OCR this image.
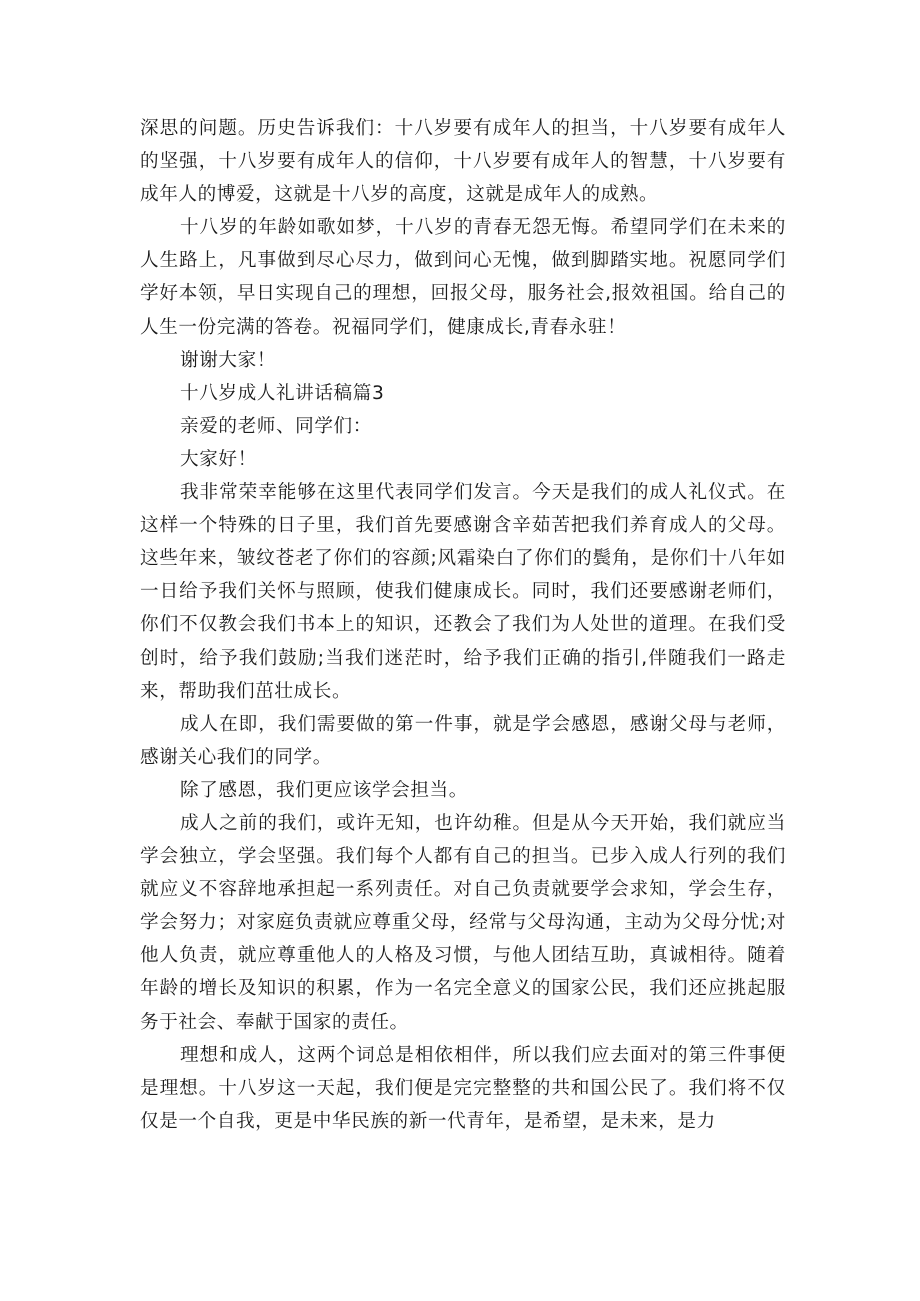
深思的问题。历史告诉我们：十八岁要有成年人的担当，十八岁要有成年人的坚强，十八岁要有成年人的信仰，十八岁要有成年人的智慧，十八岁要有成年人的博爱，这就是十八岁的高度，这就是成年人的成熟。

十八岁的年龄如歌如梦，十八岁的青春无怨无悔。希望同学们在未来的人生路上，凡事做到尽心尽力，做到问心无愧，做到脚踏实地。祝愿同学们学好本领，早日实现自己的理想，回报父母，服务社会,报效祖国。给自己的人生一份完满的答卷。祝福同学们，健康成长,青春永驻！

谢谢大家！

十八岁成人礼讲话稿篇3

亲爱的老师、同学们：

大家好！

我非常荣幸能够在这里代表同学们发言。今天是我们的成人礼仪式。在这样一个特殊的日子里，我们首先要感谢含辛茹苦把我们养育成人的父母。这些年来，皱纹苍老了你们的容颜;风霜染白了你们的鬓角，是你们十八年如一日给予我们关怀与照顾，使我们健康成长。同时，我们还要感谢老师们，你们不仅教会我们书本上的知识，还教会了我们为人处世的道理。在我们受创时，给予我们鼓励;当我们迷茫时，给予我们正确的指引,伴随我们一路走来，帮助我们茁壮成长。

成人在即，我们需要做的第一件事，就是学会感恩，感谢父母与老师，感谢关心我们的同学。

除了感恩，我们更应该学会担当。

成人之前的我们，或许无知，也许幼稚。但是从今天开始，我们就应当学会独立，学会坚强。我们每个人都有自己的担当。已步入成人行列的我们就应义不容辞地承担起一系列责任。对自己负责就要学会求知，学会生存，学会努力；对家庭负责就应尊重父母，经常与父母沟通，主动为父母分忧;对他人负责，就应尊重他人的人格及习惯，与他人团结互助，真诚相待。随着年龄的增长及知识的积累，作为一名完全意义的国家公民，我们还应挑起服务于社会、奉献于国家的责任。

理想和成人，这两个词总是相依相伴，所以我们应去面对的第三件事便是理想。十八岁这一天起，我们便是完完整整的共和国公民了。我们将不仅仅是一个自我，更是中华民族的新一代青年，是希望，是未来，是力
